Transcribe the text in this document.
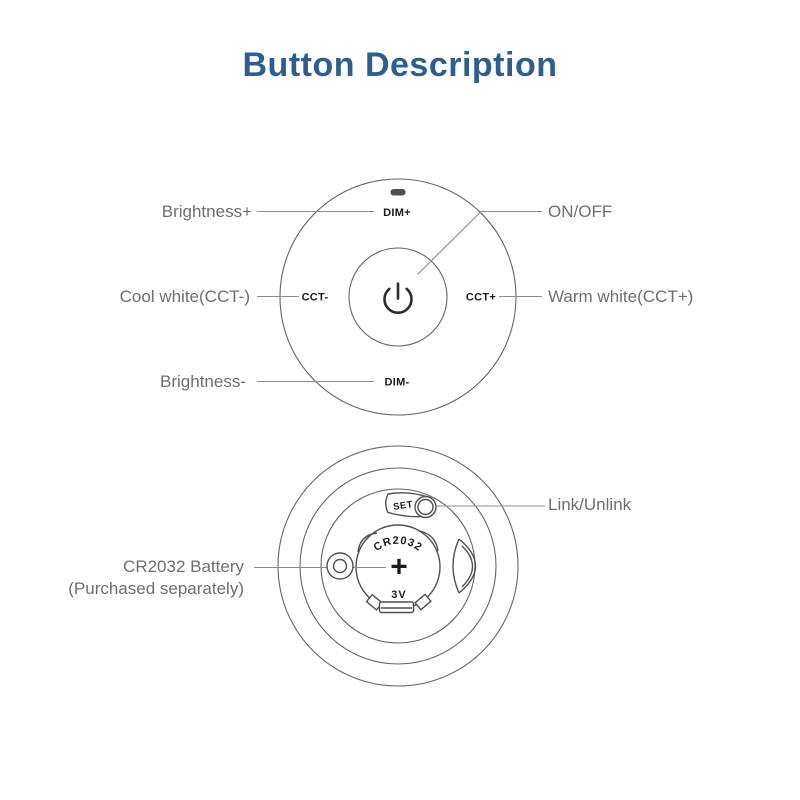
Button Description
DIM+
CCT-	CCT+
DIM-
SET
CR2032
+
3V
Brightness+	ON/OFF
Cool white(CCT-)	Warm white(CCT+)
Brightness-
Link/Unlink
CR2032 Battery
(Purchased separately)
